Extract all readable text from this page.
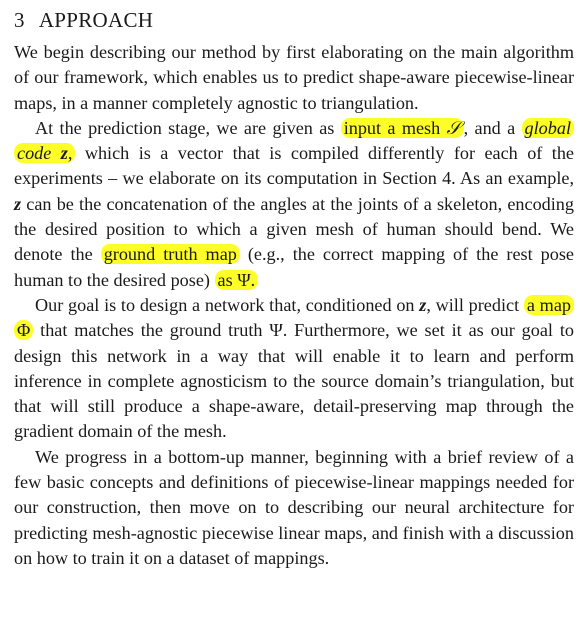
3 APPROACH

We begin describing our method by first elaborating on the main algorithm of our framework, which enables us to predict shape-aware piecewise-linear maps, in a manner completely agnostic to triangulation.

At the prediction stage, we are given as input a mesh 𝒮 , and a global code z, which is a vector that is compiled differently for each of the experiments – we elaborate on its computation in Section 4. As an example, z can be the concatenation of the angles at the joints of a skeleton, encoding the desired position to which a given mesh of human should bend. We denote the ground truth map (e.g., the correct mapping of the rest pose human to the desired pose) as Ψ.

Our goal is to design a network that, conditioned on z, will predict a map Φ that matches the ground truth Ψ. Furthermore, we set it as our goal to design this network in a way that will enable it to learn and perform inference in complete agnosticism to the source domain’s triangulation, but that will still produce a shape-aware, detail-preserving map through the gradient domain of the mesh.

We progress in a bottom-up manner, beginning with a brief review of a few basic concepts and definitions of piecewise-linear mappings needed for our construction, then move on to describing our neural architecture for predicting mesh-agnostic piecewise linear maps, and finish with a discussion on how to train it on a dataset of mappings.
